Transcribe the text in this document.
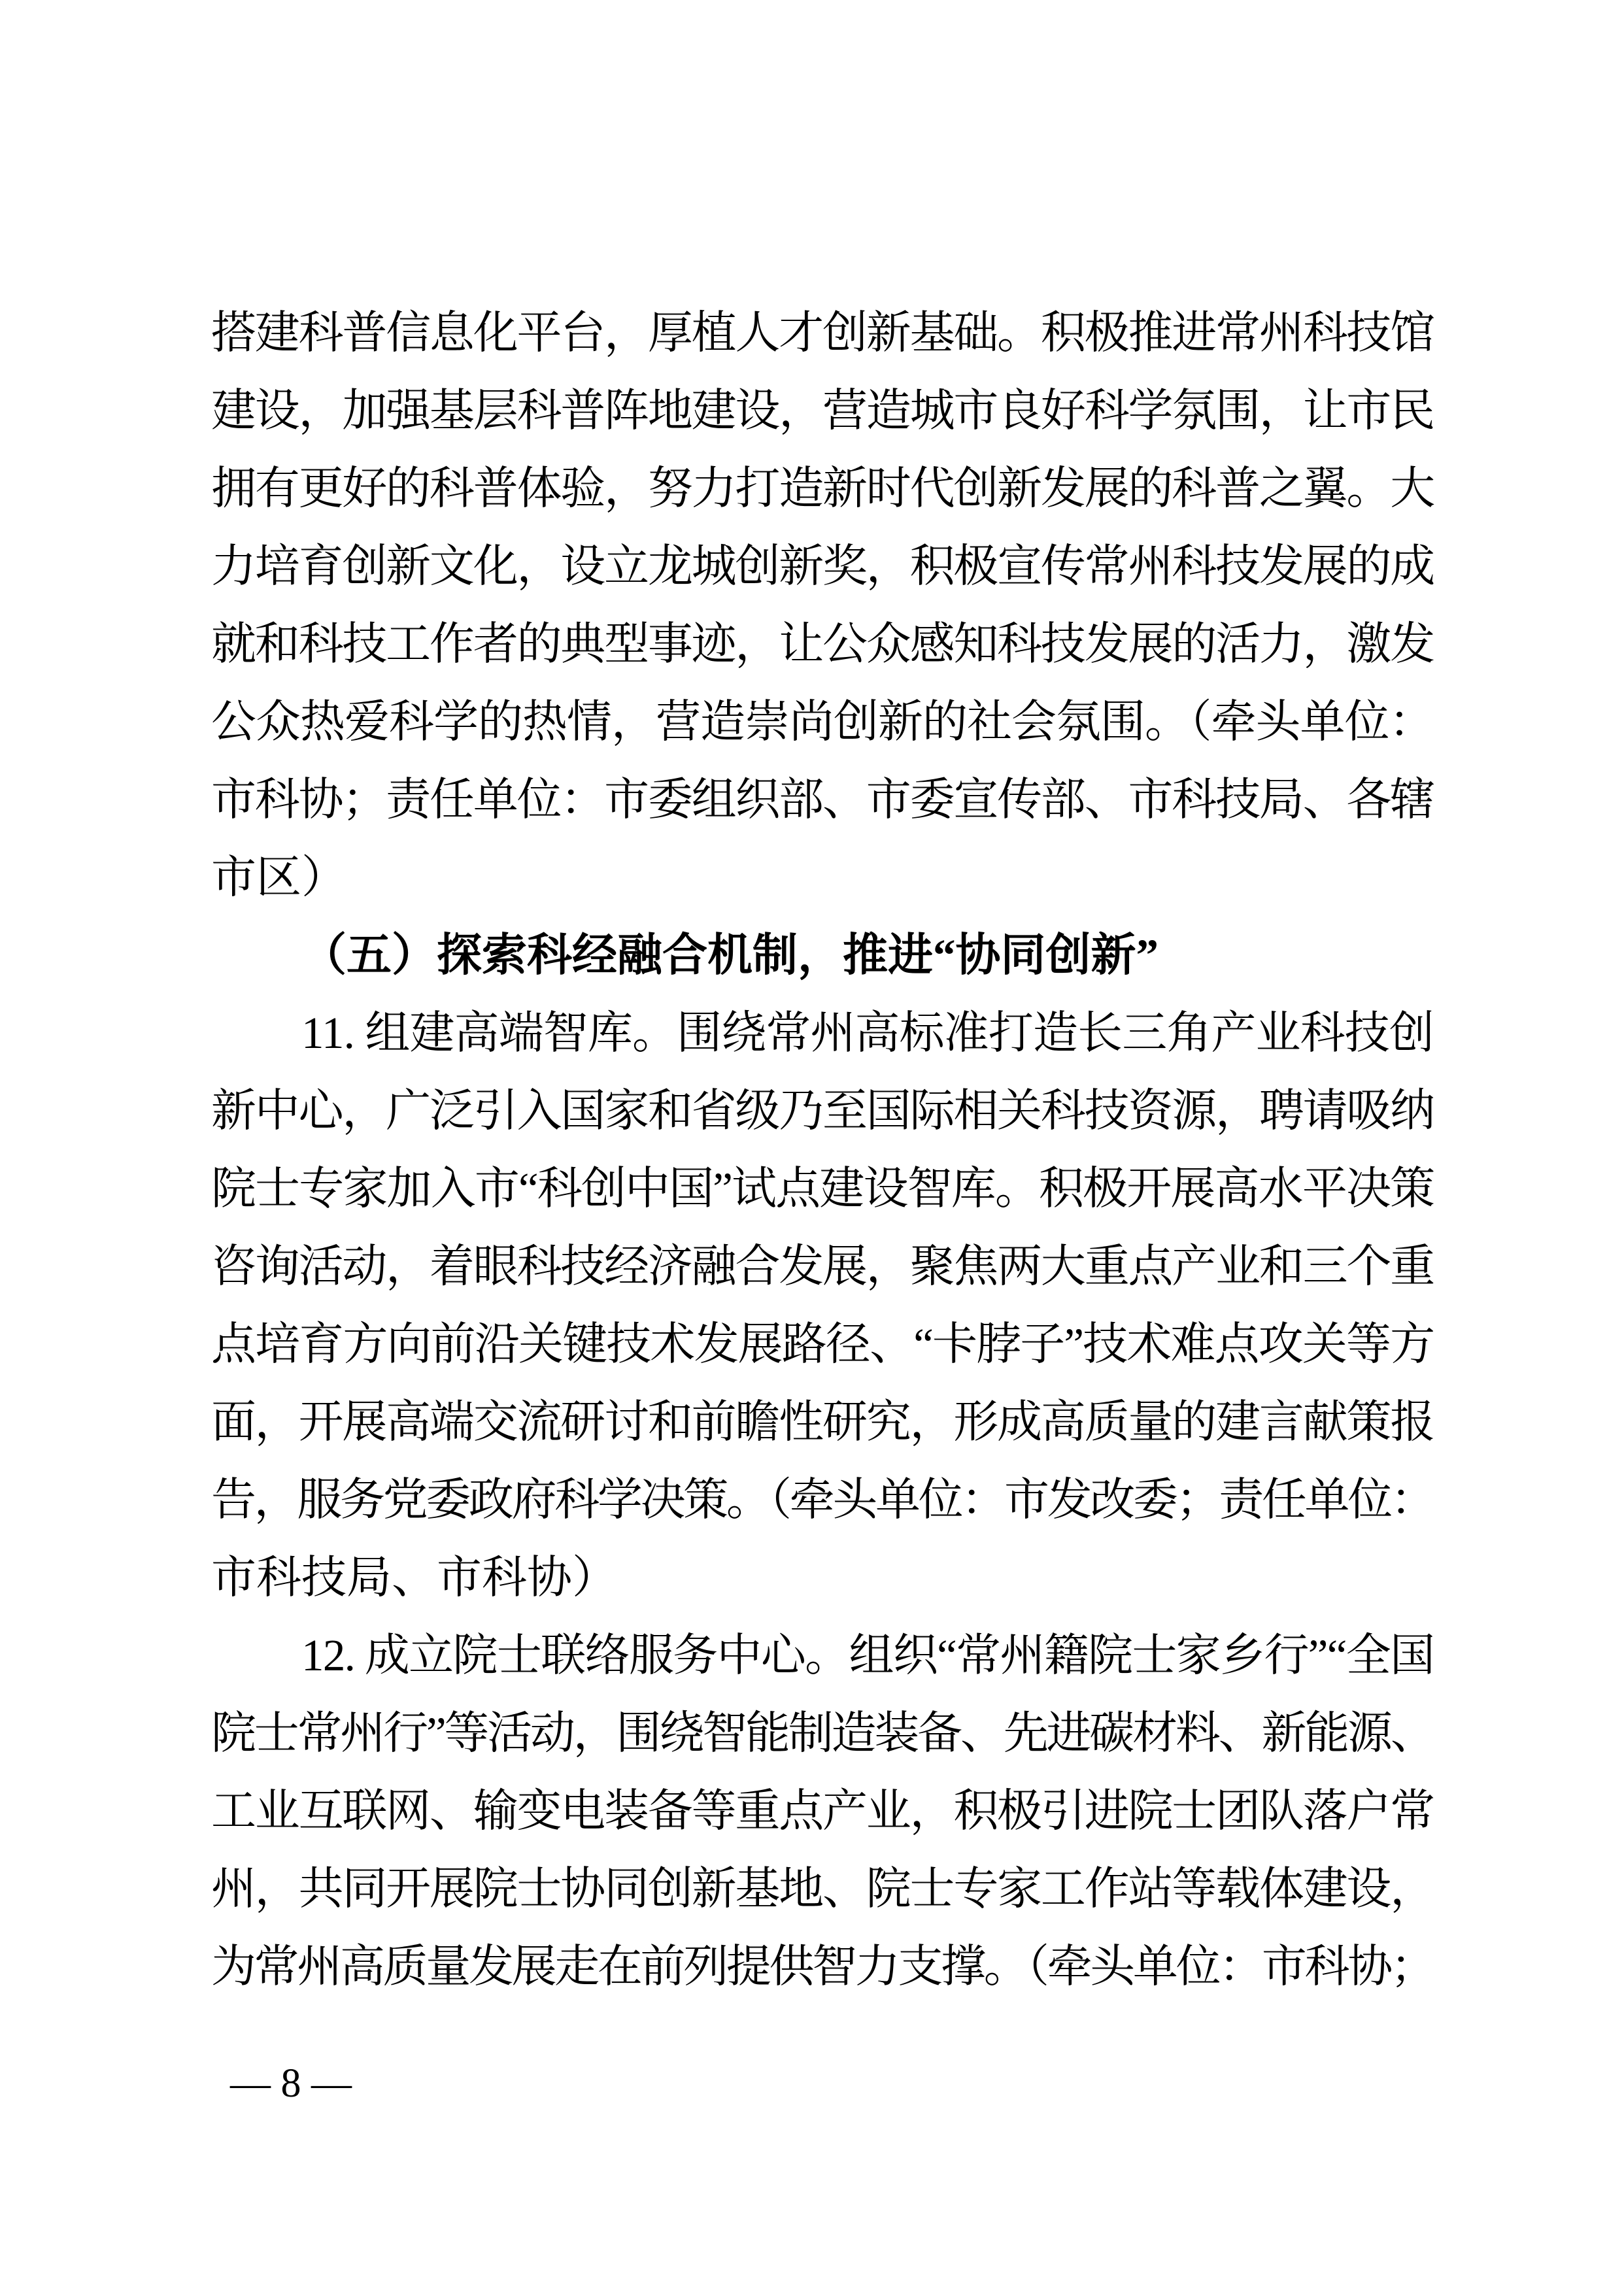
搭建科普信息化平台，厚植人才创新基础。积极推进常州科技馆
建设，加强基层科普阵地建设，营造城市良好科学氛围，让市民
拥有更好的科普体验，努力打造新时代创新发展的科普之翼。大
力培育创新文化，设立龙城创新奖，积极宣传常州科技发展的成
就和科技工作者的典型事迹，让公众感知科技发展的活力，激发
公众热爱科学的热情，营造崇尚创新的社会氛围。（牵头单位：
市科协；责任单位：市委组织部、市委宣传部、市科技局、各辖
市区）
（五）探索科经融合机制，推进“协同创新”
11. 组建高端智库。围绕常州高标准打造长三角产业科技创
新中心，广泛引入国家和省级乃至国际相关科技资源，聘请吸纳
院士专家加入市“科创中国”试点建设智库。积极开展高水平决策
咨询活动，着眼科技经济融合发展，聚焦两大重点产业和三个重
点培育方向前沿关键技术发展路径、“卡脖子”技术难点攻关等方
面，开展高端交流研讨和前瞻性研究，形成高质量的建言献策报
告，服务党委政府科学决策。（牵头单位：市发改委；责任单位：
市科技局、市科协）
12. 成立院士联络服务中心。组织“常州籍院士家乡行”“全国
院士常州行”等活动，围绕智能制造装备、先进碳材料、新能源、
工业互联网、输变电装备等重点产业，积极引进院士团队落户常
州，共同开展院士协同创新基地、院士专家工作站等载体建设，
为常州高质量发展走在前列提供智力支撑。（牵头单位：市科协；
— 8 —
